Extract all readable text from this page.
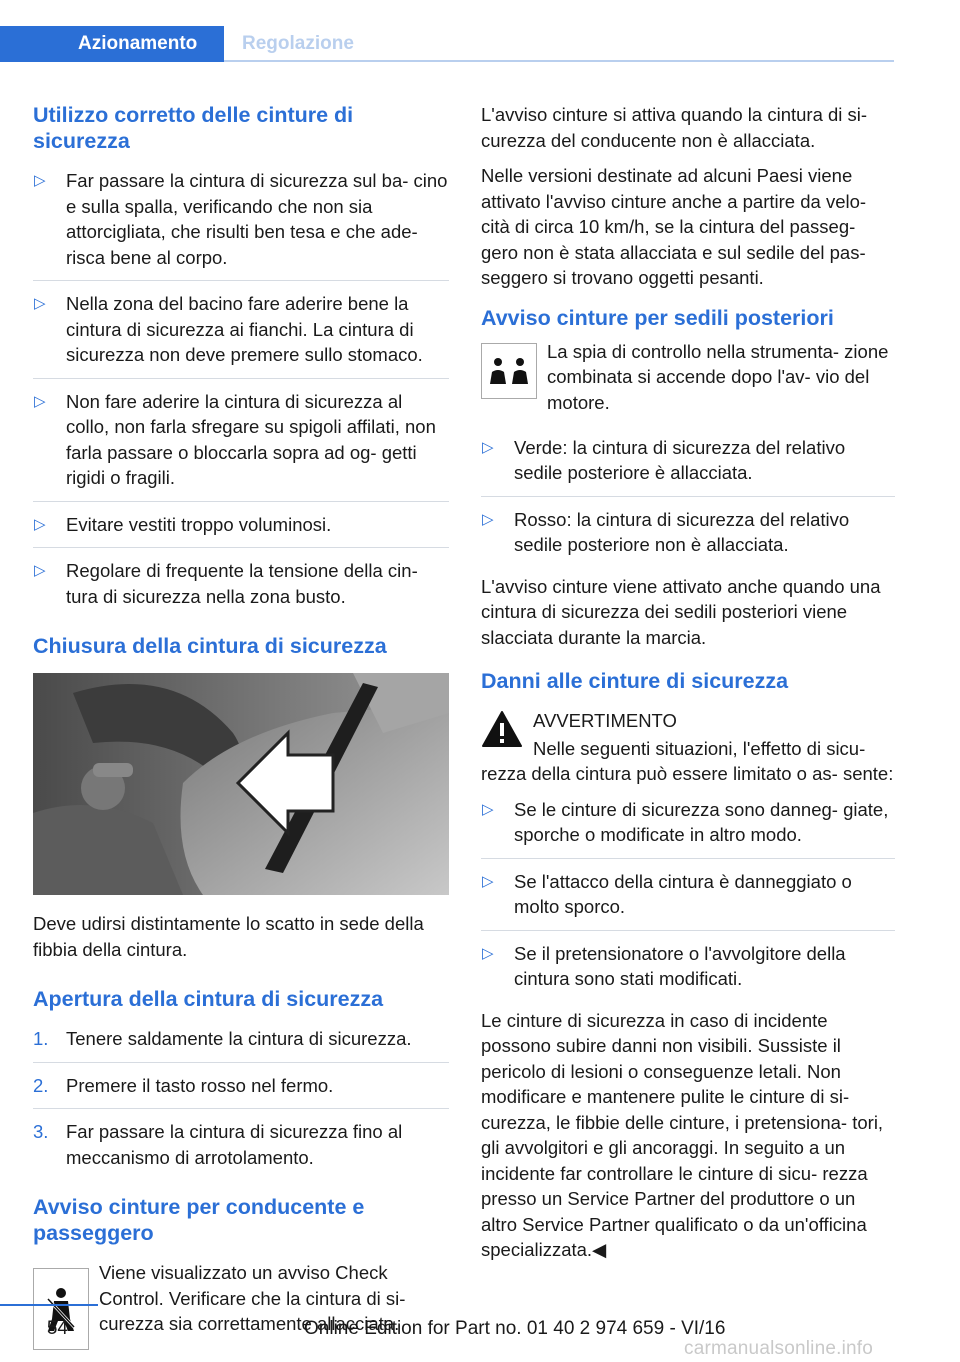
Azionamento	Regolazione
Utilizzo corretto delle cinture di sicurezza
▷ Far passare la cintura di sicurezza sul ba‐ cino e sulla spalla, verificando che non sia attorcigliata, che risulti ben tesa e che ade‐ risca bene al corpo.
▷ Nella zona del bacino fare aderire bene la cintura di sicurezza ai fianchi. La cintura di sicurezza non deve premere sullo stomaco.
▷ Non fare aderire la cintura di sicurezza al collo, non farla sfregare su spigoli affilati, non farla passare o bloccarla sopra ad og‐ getti rigidi o fragili.
▷ Evitare vestiti troppo voluminosi.
▷ Regolare di frequente la tensione della cin‐ tura di sicurezza nella zona busto.
Chiusura della cintura di sicurezza

Deve udirsi distintamente lo scatto in sede della fibbia della cintura.

Apertura della cintura di sicurezza
1. Tenere saldamente la cintura di sicurezza.
2. Premere il tasto rosso nel fermo.
3. Far passare la cintura di sicurezza fino al meccanismo di arrotolamento.
Avviso cinture per conducente e passeggero

Viene visualizzato un avviso Check Control. Verificare che la cintura di si‐ curezza sia correttamente allacciata.

L'avviso cinture si attiva quando la cintura di si‐ curezza del conducente non è allacciata.

Nelle versioni destinate ad alcuni Paesi viene attivato l'avviso cinture anche a partire da velo‐ cità di circa 10 km/h, se la cintura del passeg‐ gero non è stata allacciata e sul sedile del pas‐ seggero si trovano oggetti pesanti.

Avviso cinture per sedili posteriori

La spia di controllo nella strumenta‐ zione combinata si accende dopo l'av‐ vio del motore.

▷ Verde: la cintura di sicurezza del relativo sedile posteriore è allacciata.
▷ Rosso: la cintura di sicurezza del relativo sedile posteriore non è allacciata.

L'avviso cinture viene attivato anche quando una cintura di sicurezza dei sedili posteriori viene slacciata durante la marcia.

Danni alle cinture di sicurezza

AVVERTIMENTO

Nelle seguenti situazioni, l'effetto di sicu‐ rezza della cintura può essere limitato o as‐ sente:

▷ Se le cinture di sicurezza sono danneg‐ giate, sporche o modificate in altro modo.
▷ Se l'attacco della cintura è danneggiato o molto sporco.
▷ Se il pretensionatore o l'avvolgitore della cintura sono stati modificati.

Le cinture di sicurezza in caso di incidente possono subire danni non visibili. Sussiste il pericolo di lesioni o conseguenze letali. Non modificare e mantenere pulite le cinture di si‐ curezza, le fibbie delle cinture, i pretensiona‐ tori, gli avvolgitori e gli ancoraggi. In seguito a un incidente far controllare le cinture di sicu‐ rezza presso un Service Partner del produttore o un altro Service Partner qualificato o da un'officina specializzata.◀

54	Online Edition for Part no. 01 40 2 974 659 - VI/16
carmanualsonline.info
